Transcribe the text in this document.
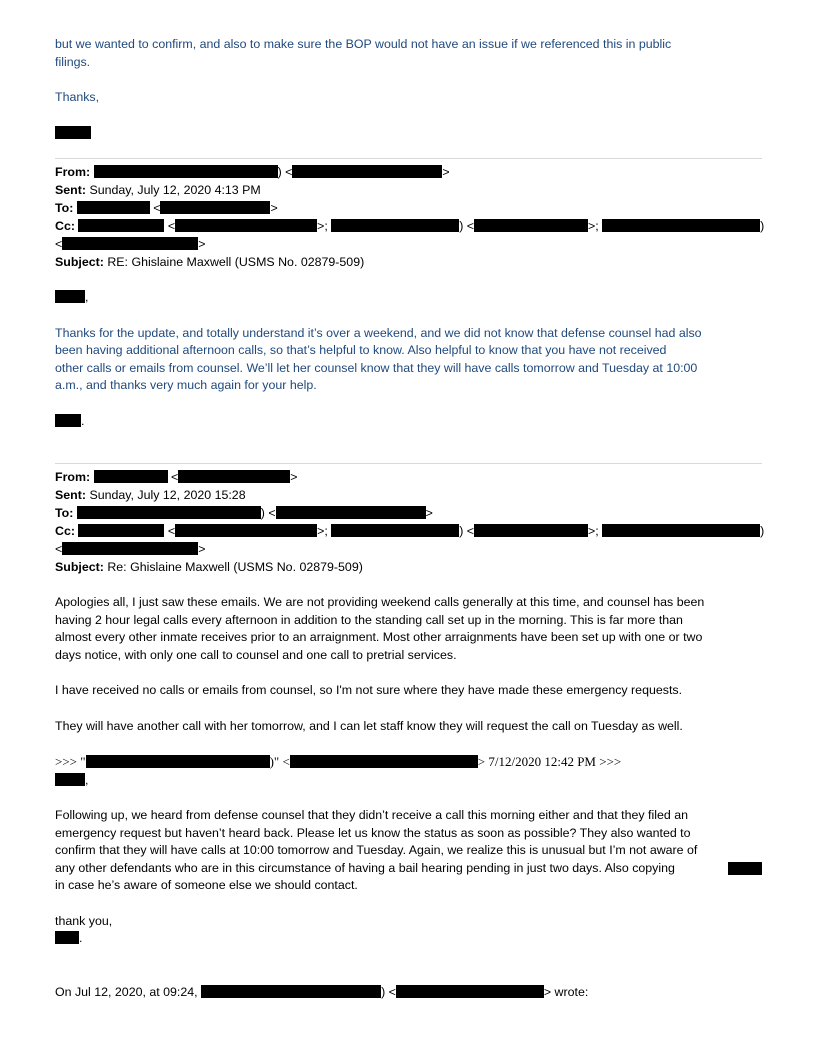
but we wanted to confirm, and also to make sure the BOP would not have an issue if we referenced this in public

filings.

Thanks,

From:	) <	>
Sent: Sunday, July 12, 2020 4:13 PM
To:	<	>
Cc:	<	>;	) <	>;	)
<	>
Subject: RE: Ghislaine Maxwell (USMS No. 02879-509)

,

Thanks for the update, and totally understand it’s over a weekend, and we did not know that defense counsel had also

been having additional afternoon calls, so that’s helpful to know. Also helpful to know that you have not received

other calls or emails from counsel. We’ll let her counsel know that they will have calls tomorrow and Tuesday at 10:00

a.m., and thanks very much again for your help.

.

From:	<	>
Sent: Sunday, July 12, 2020 15:28
To:	) <	>
Cc:	<	>;	) <	>;	)
<	>
Subject: Re: Ghislaine Maxwell (USMS No. 02879-509)

Apologies all, I just saw these emails. We are not providing weekend calls generally at this time, and counsel has been

having 2 hour legal calls every afternoon in addition to the standing call set up in the morning. This is far more than

almost every other inmate receives prior to an arraignment. Most other arraignments have been set up with one or two

days notice, with only one call to counsel and one call to pretrial services.

I have received no calls or emails from counsel, so I'm not sure where they have made these emergency requests.

They will have another call with her tomorrow, and I can let staff know they will request the call on Tuesday as well.

>>> "	)" <	> 7/12/2020 12:42 PM >>>

,

Following up, we heard from defense counsel that they didn’t receive a call this morning either and that they filed an

emergency request but haven’t heard back. Please let us know the status as soon as possible? They also wanted to

confirm that they will have calls at 10:00 tomorrow and Tuesday. Again, we realize this is unusual but I’m not aware of

any other defendants who are in this circumstance of having a bail hearing pending in just two days. Also copying

in case he’s aware of someone else we should contact.

thank you,

.

On Jul 12, 2020, at 09:24,	) <	> wrote:
